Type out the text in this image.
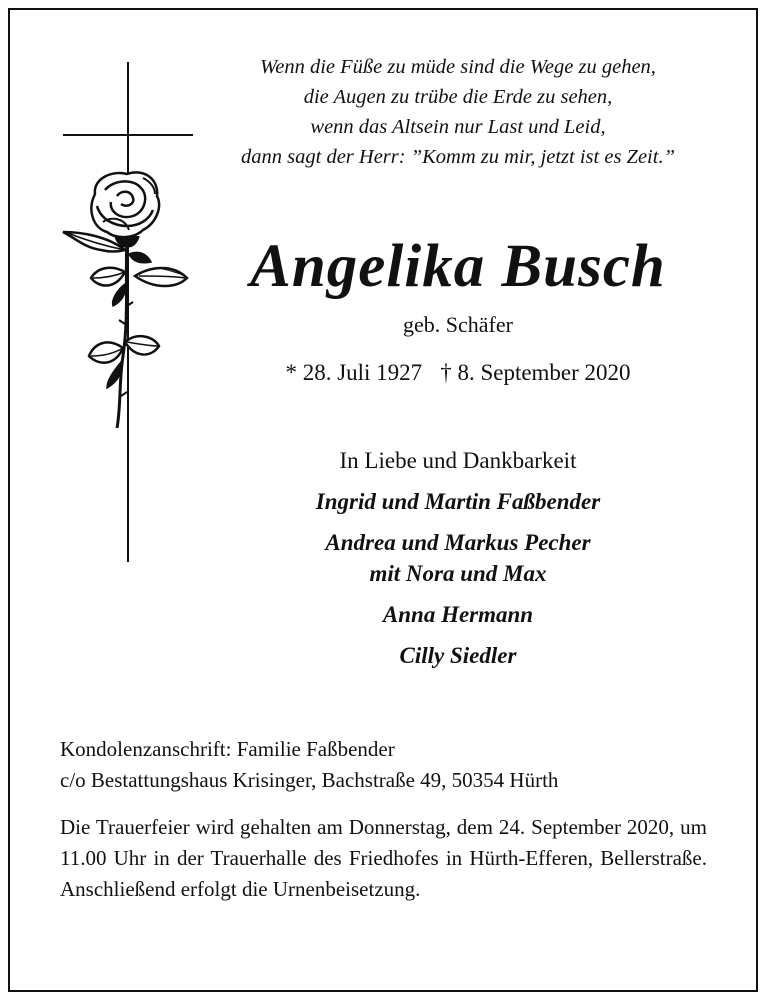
Wenn die Füße zu müde sind die Wege zu gehen,
die Augen zu trübe die Erde zu sehen,
wenn das Altsein nur Last und Leid,
dann sagt der Herr: ”Komm zu mir, jetzt ist es Zeit.”
Angelika Busch
geb. Schäfer
* 28. Juli 1927 † 8. September 2020
In Liebe und Dankbarkeit
Ingrid und Martin Faßbender
Andrea und Markus Pecher
mit Nora und Max
Anna Hermann
Cilly Siedler
Kondolenzanschrift: Familie Faßbender
c/o Bestattungshaus Krisinger, Bachstraße 49, 50354 Hürth
Die Trauerfeier wird gehalten am Donnerstag, dem 24. September 2020, um 11.00 Uhr in der Trauerhalle des Friedhofes in Hürth-Efferen, Bellerstraße. Anschließend erfolgt die Urnenbeisetzung.
